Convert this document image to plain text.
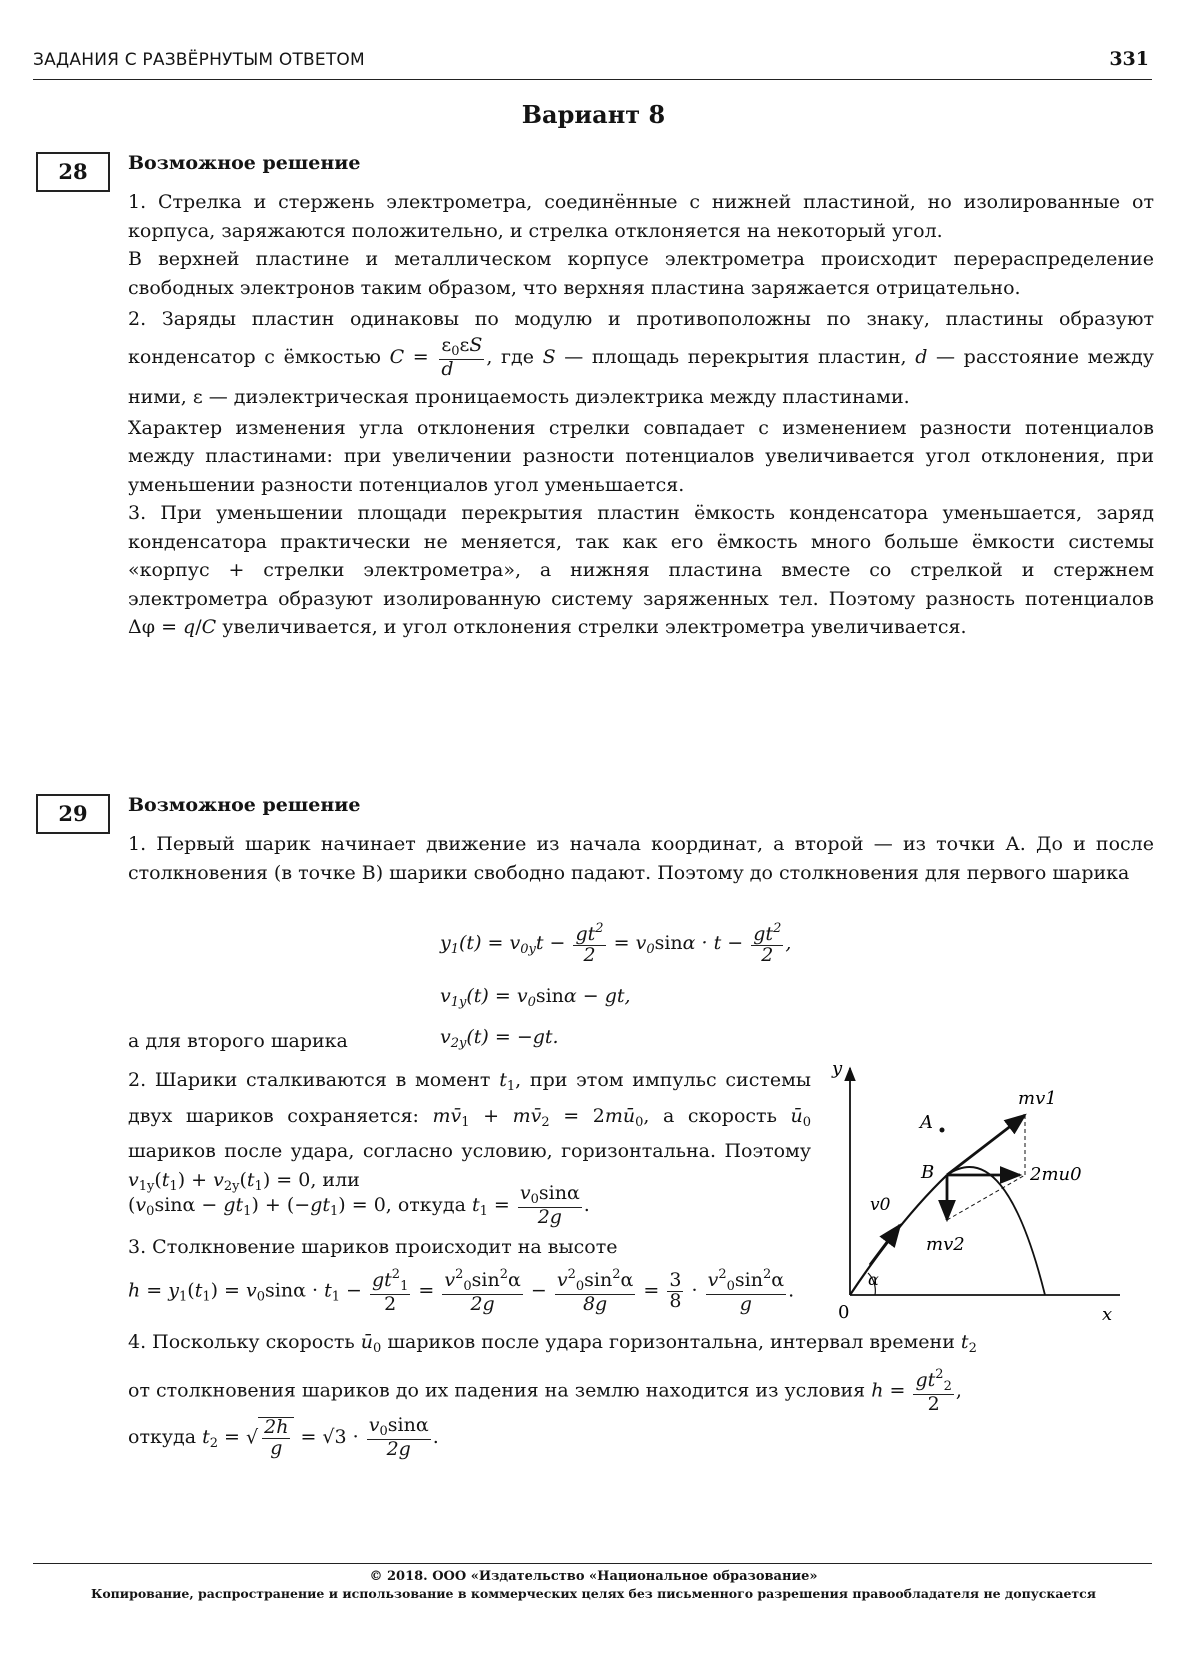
ЗАДАНИЯ С РАЗВЁРНУТЫМ ОТВЕТОМ	331
Вариант 8
28	Возможное решение

1. Стрелка и стержень электрометра, соединённые с нижней пластиной, но изолированные от корпуса, заряжаются положительно, и стрелка отклоняется на некоторый угол.

В верхней пластине и металлическом корпусе электрометра происходит перераспределение свободных электронов таким образом, что верхняя пластина заряжается отрицательно.

2. Заряды пластин одинаковы по модулю и противоположны по знаку, пластины образуют конденсатор с ёмкостью $C = \frac{\varepsilon_0\varepsilon S}{d}$ , где S — площадь перекрытия пластин, d — расстояние между ними, ε — диэлектрическая проницаемость диэлектрика между пластинами.

Характер изменения угла отклонения стрелки совпадает с изменением разности потенциалов между пластинами: при увеличении разности потенциалов увеличивается угол отклонения, при уменьшении разности потенциалов угол уменьшается.

3. При уменьшении площади перекрытия пластин ёмкость конденсатора уменьшается, заряд конденсатора практически не меняется, так как его ёмкость много больше ёмкости системы «корпус + стрелки электрометра», а нижняя пластина вместе со стрелкой и стержнем электрометра образуют изолированную систему заряженных тел. Поэтому разность потенциалов Δφ = q/C увеличивается, и угол отклонения стрелки электрометра увеличивается.

29	Возможное решение
1. Первый шарик начинает движение из начала координат, а второй — из точки А. До и после столкновения (в точке В) шарики свободно падают. Поэтому до столкновения для первого шарика
$y_1(t) = v_{0y}t - \frac{gt^2}{2} = v_0\sin\alpha \cdot t - \frac{gt^2}{2}$ ,
$v_{1y}(t) = v_0\sin\alpha$ − gt,
а для второго шарика	$v_{2y}(t) = -gt$.

2. Шарики сталкиваются в момент $t_1$, при этом импульс системы двух шариков сохраняется: $mv̄_1$ + $mv̄_2$ = $2mū_0$, а скорость $ū_0$ шариков после удара, согласно условию, горизонтальна. Поэтому $v_{1y}(t_1) + v_{2y}(t_1) = 0$, или

$(v_0\sin\alpha - gt_1) + (-gt_1) = 0$, откуда $t_1 = \frac{v_0\sin\alpha}{2g}$ .
3. Столкновение шариков происходит на высоте
$h = y_1(t_1) = v_0\sin\alpha \cdot t_1 - \frac{gt^2_1}{2} = \frac{v^2_0\sin^2\alpha}{2g} - \frac{v^2_0\sin^2\alpha}{8g} = \frac{3}{8} \cdot \frac{v^2_0\sin^2\alpha}{g}$ .

4. Поскольку скорость $ū_0$ шариков после удара горизонтальна, интервал времени $t_2$

от столкновения шариков до их падения на землю находится из условия $h = \frac{gt^2_2}{2}$ ,
откуда $t_2$ = √ $\frac{2h}{g} = √3 \cdot \frac{v_0\sin\alpha}{2g}$ .
y
x
0
v0
α
A
B
mv1
mv2
2mu0
© 2018. ООО «Издательство «Национальное образование»
Копирование, распространение и использование в коммерческих целях без письменного разрешения правообладателя не допускается
